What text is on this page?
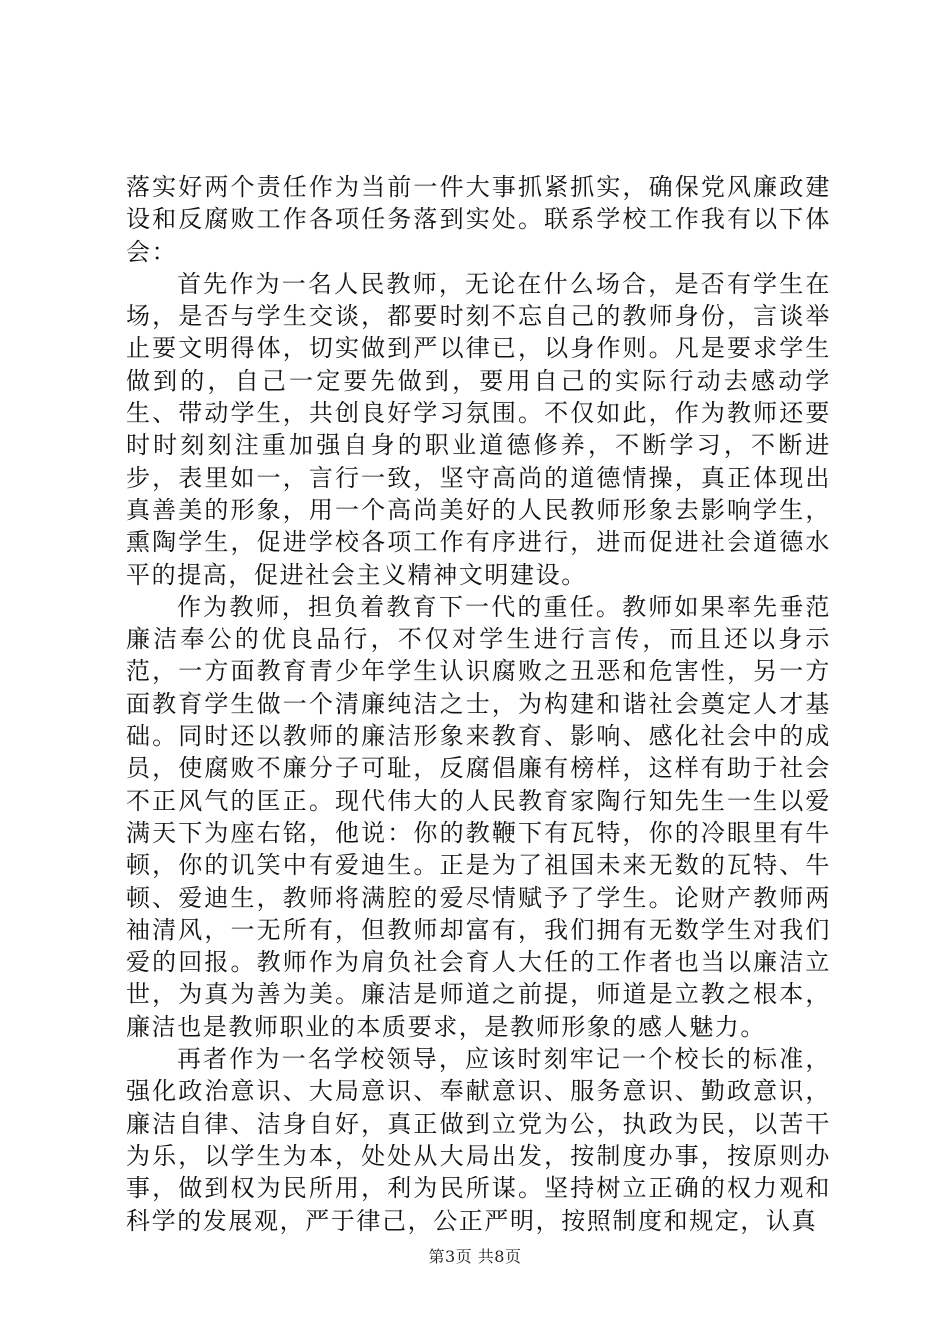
落实好两个责任作为当前一件大事抓紧抓实，确保党风廉政建设和反腐败工作各项任务落到实处。联系学校工作我有以下体会：

首先作为一名人民教师，无论在什么场合，是否有学生在场，是否与学生交谈，都要时刻不忘自己的教师身份，言谈举止要文明得体，切实做到严以律已，以身作则。凡是要求学生做到的，自己一定要先做到，要用自己的实际行动去感动学生、带动学生，共创良好学习氛围。不仅如此，作为教师还要时时刻刻注重加强自身的职业道德修养，不断学习，不断进步，表里如一，言行一致，坚守高尚的道德情操，真正体现出真善美的形象，用一个高尚美好的人民教师形象去影响学生，熏陶学生，促进学校各项工作有序进行，进而促进社会道德水平的提高，促进社会主义精神文明建设。

作为教师，担负着教育下一代的重任。教师如果率先垂范廉洁奉公的优良品行，不仅对学生进行言传，而且还以身示范，一方面教育青少年学生认识腐败之丑恶和危害性，另一方面教育学生做一个清廉纯洁之士，为构建和谐社会奠定人才基础。同时还以教师的廉洁形象来教育、影响、感化社会中的成员，使腐败不廉分子可耻，反腐倡廉有榜样，这样有助于社会不正风气的匡正。现代伟大的人民教育家陶行知先生一生以爱满天下为座右铭，他说：你的教鞭下有瓦特，你的冷眼里有牛顿，你的讥笑中有爱迪生。正是为了祖国未来无数的瓦特、牛顿、爱迪生，教师将满腔的爱尽情赋予了学生。论财产教师两袖清风，一无所有，但教师却富有，我们拥有无数学生对我们爱的回报。教师作为肩负社会育人大任的工作者也当以廉洁立世，为真为善为美。廉洁是师道之前提，师道是立教之根本，廉洁也是教师职业的本质要求，是教师形象的感人魅力。

再者作为一名学校领导，应该时刻牢记一个校长的标准，强化政治意识、大局意识、奉献意识、服务意识、勤政意识，廉洁自律、洁身自好，真正做到立党为公，执政为民，以苦干为乐，以学生为本，处处从大局出发，按制度办事，按原则办事，做到权为民所用，利为民所谋。坚持树立正确的权力观和科学的发展观，严于律己，公正严明，按照制度和规定，认真

第3页 共8页
